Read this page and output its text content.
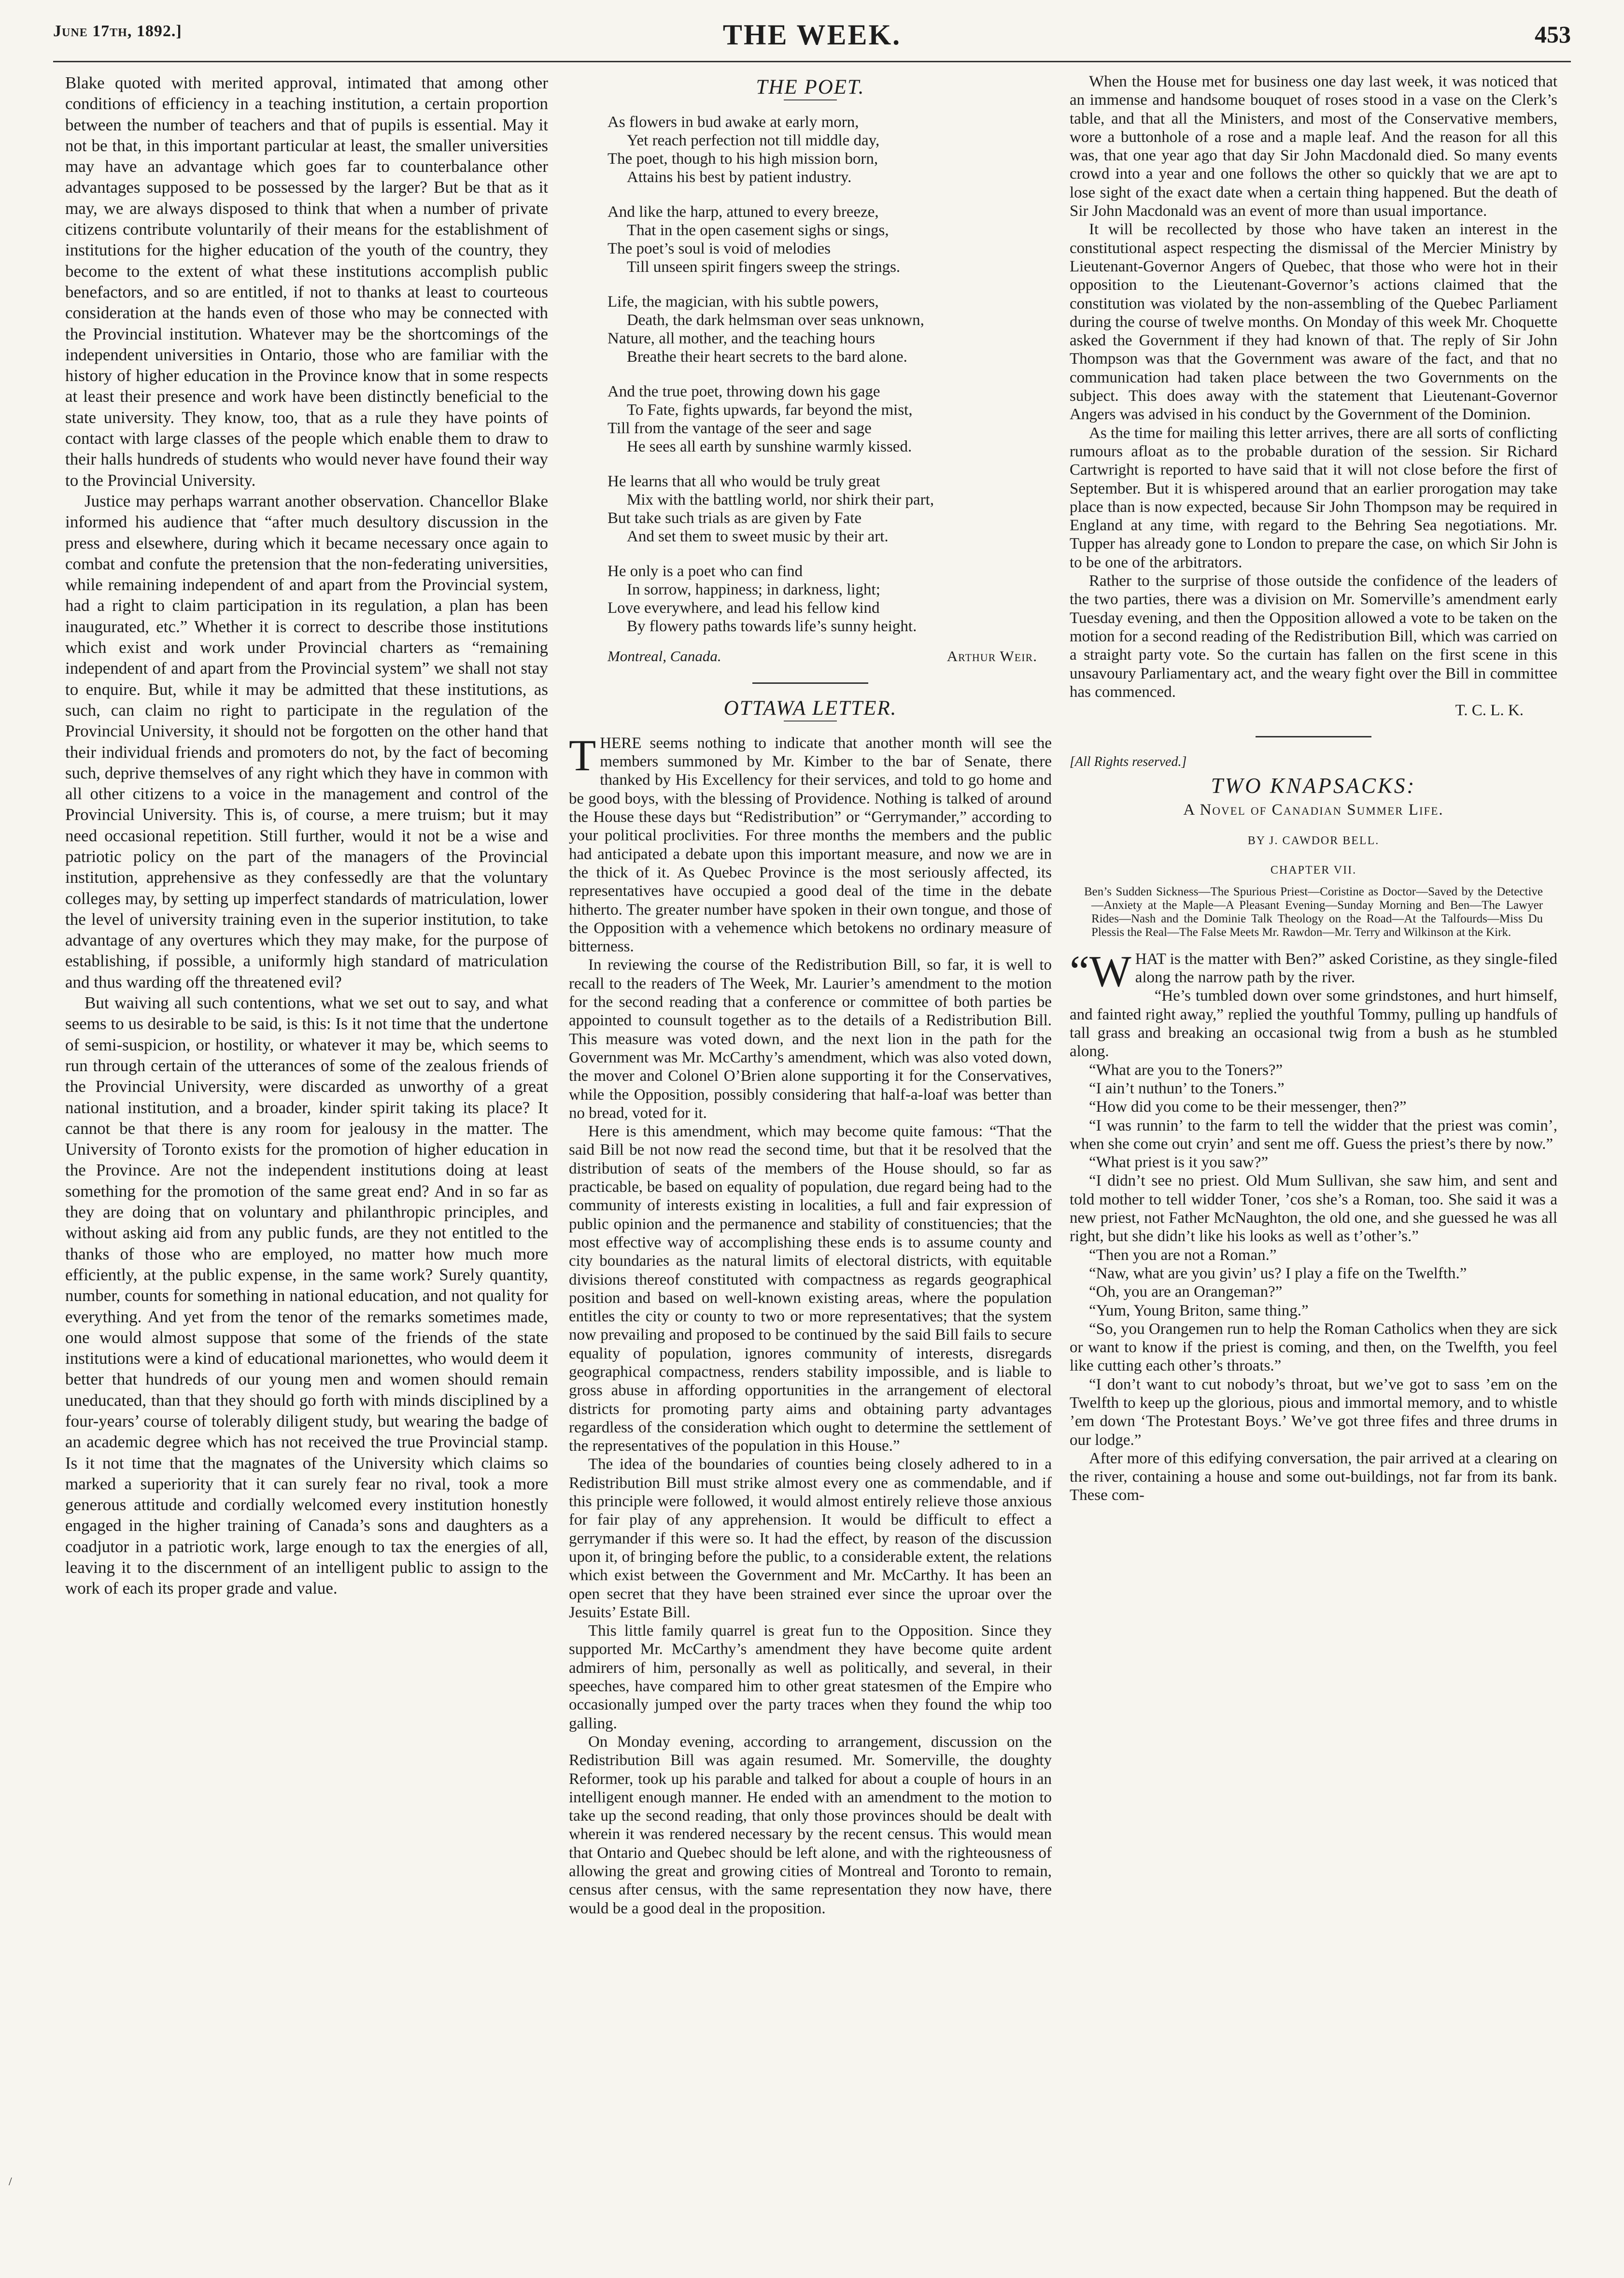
June 17th, 1892.]	THE WEEK.	453

Blake quoted with merited approval, intimated that among other conditions of efficiency in a teaching institution, a certain proportion between the number of teachers and that of pupils is essential. May it not be that, in this important particular at least, the smaller universities may have an advantage which goes far to counterbalance other advantages supposed to be possessed by the larger? But be that as it may, we are always disposed to think that when a number of private citizens contribute voluntarily of their means for the establishment of institutions for the higher education of the youth of the country, they become to the extent of what these institutions accomplish public benefactors, and so are entitled, if not to thanks at least to courteous consideration at the hands even of those who may be connected with the Provincial institution. Whatever may be the shortcomings of the independent universities in Ontario, those who are familiar with the history of higher education in the Province know that in some respects at least their presence and work have been distinctly beneficial to the state university. They know, too, that as a rule they have points of contact with large classes of the people which enable them to draw to their halls hundreds of students who would never have found their way to the Provincial University.

Justice may perhaps warrant another observation. Chancellor Blake informed his audience that “after much desultory discussion in the press and elsewhere, during which it became necessary once again to combat and confute the pretension that the non-federating universities, while remaining independent of and apart from the Provincial system, had a right to claim participation in its regulation, a plan has been inaugurated, etc.” Whether it is correct to describe those institutions which exist and work under Provincial charters as “remaining independent of and apart from the Provincial system” we shall not stay to enquire. But, while it may be admitted that these institutions, as such, can claim no right to participate in the regulation of the Provincial University, it should not be forgotten on the other hand that their individual friends and promoters do not, by the fact of becoming such, deprive themselves of any right which they have in common with all other citizens to a voice in the management and control of the Provincial University. This is, of course, a mere truism; but it may need occasional repetition. Still further, would it not be a wise and patriotic policy on the part of the managers of the Provincial institution, apprehensive as they confessedly are that the voluntary colleges may, by setting up imperfect standards of matriculation, lower the level of university training even in the superior institution, to take advantage of any overtures which they may make, for the purpose of establishing, if possible, a uniformly high standard of matriculation and thus warding off the threatened evil?

But waiving all such contentions, what we set out to say, and what seems to us desirable to be said, is this: Is it not time that the undertone of semi-suspicion, or hostility, or whatever it may be, which seems to run through certain of the utterances of some of the zealous friends of the Provincial University, were discarded as unworthy of a great national institution, and a broader, kinder spirit taking its place? It cannot be that there is any room for jealousy in the matter. The University of Toronto exists for the promotion of higher education in the Province. Are not the independent institutions doing at least something for the promotion of the same great end? And in so far as they are doing that on voluntary and philanthropic principles, and without asking aid from any public funds, are they not entitled to the thanks of those who are employed, no matter how much more efficiently, at the public expense, in the same work? Surely quantity, number, counts for something in national education, and not quality for everything. And yet from the tenor of the remarks sometimes made, one would almost suppose that some of the friends of the state institutions were a kind of educational marionettes, who would deem it better that hundreds of our young men and women should remain uneducated, than that they should go forth with minds disciplined by a four-years’ course of tolerably diligent study, but wearing the badge of an academic degree which has not received the true Provincial stamp. Is it not time that the magnates of the University which claims so marked a superiority that it can surely fear no rival, took a more generous attitude and cordially welcomed every institution honestly engaged in the higher training of Canada’s sons and daughters as a coadjutor in a patriotic work, large enough to tax the energies of all, leaving it to the discernment of an intelligent public to assign to the work of each its proper grade and value.

THE POET.
As flowers in bud awake at early morn,
Yet reach perfection not till middle day,
The poet, though to his high mission born,
Attains his best by patient industry.
And like the harp, attuned to every breeze,
That in the open casement sighs or sings,
The poet’s soul is void of melodies
Till unseen spirit fingers sweep the strings.
Life, the magician, with his subtle powers,
Death, the dark helmsman over seas unknown,
Nature, all mother, and the teaching hours
Breathe their heart secrets to the bard alone.
And the true poet, throwing down his gage
To Fate, fights upwards, far beyond the mist,
Till from the vantage of the seer and sage
He sees all earth by sunshine warmly kissed.
He learns that all who would be truly great
Mix with the battling world, nor shirk their part,
But take such trials as are given by Fate
And set them to sweet music by their art.
He only is a poet who can find
In sorrow, happiness; in darkness, light;
Love everywhere, and lead his fellow kind
By flowery paths towards life’s sunny height.
Montreal, Canada.	Arthur Weir.
OTTAWA LETTER.

THERE seems nothing to indicate that another month will see the members summoned by Mr. Kimber to the bar of Senate, there thanked by His Excellency for their services, and told to go home and be good boys, with the blessing of Providence. Nothing is talked of around the House these days but “Redistribution” or “Gerrymander,” according to your political proclivities. For three months the members and the public had anticipated a debate upon this important measure, and now we are in the thick of it. As Quebec Province is the most seriously affected, its representatives have occupied a good deal of the time in the debate hitherto. The greater number have spoken in their own tongue, and those of the Opposition with a vehemence which betokens no ordinary measure of bitterness.

In reviewing the course of the Redistribution Bill, so far, it is well to recall to the readers of The Week, Mr. Laurier’s amendment to the motion for the second reading that a conference or committee of both parties be appointed to counsult together as to the details of a Redistribution Bill. This measure was voted down, and the next lion in the path for the Government was Mr. McCarthy’s amendment, which was also voted down, the mover and Colonel O’Brien alone supporting it for the Conservatives, while the Opposition, possibly considering that half-a-loaf was better than no bread, voted for it.

Here is this amendment, which may become quite famous: “That the said Bill be not now read the second time, but that it be resolved that the distribution of seats of the members of the House should, so far as practicable, be based on equality of population, due regard being had to the community of interests existing in localities, a full and fair expression of public opinion and the permanence and stability of constituencies; that the most effective way of accomplishing these ends is to assume county and city boundaries as the natural limits of electoral districts, with equitable divisions thereof constituted with compactness as regards geographical position and based on well-known existing areas, where the population entitles the city or county to two or more representatives; that the system now prevailing and proposed to be continued by the said Bill fails to secure equality of population, ignores community of interests, disregards geographical compactness, renders stability impossible, and is liable to gross abuse in affording opportunities in the arrangement of electoral districts for promoting party aims and obtaining party advantages regardless of the consideration which ought to determine the settlement of the representatives of the population in this House.”

The idea of the boundaries of counties being closely adhered to in a Redistribution Bill must strike almost every one as commendable, and if this principle were followed, it would almost entirely relieve those anxious for fair play of any apprehension. It would be difficult to effect a gerrymander if this were so. It had the effect, by reason of the discussion upon it, of bringing before the public, to a considerable extent, the relations which exist between the Government and Mr. McCarthy. It has been an open secret that they have been strained ever since the uproar over the Jesuits’ Estate Bill.

This little family quarrel is great fun to the Opposition. Since they supported Mr. McCarthy’s amendment they have become quite ardent admirers of him, personally as well as politically, and several, in their speeches, have compared him to other great statesmen of the Empire who occasionally jumped over the party traces when they found the whip too galling.

On Monday evening, according to arrangement, discussion on the Redistribution Bill was again resumed. Mr. Somerville, the doughty Reformer, took up his parable and talked for about a couple of hours in an intelligent enough manner. He ended with an amendment to the motion to take up the second reading, that only those provinces should be dealt with wherein it was rendered necessary by the recent census. This would mean that Ontario and Quebec should be left alone, and with the righteousness of allowing the great and growing cities of Montreal and Toronto to remain, census after census, with the same representation they now have, there would be a good deal in the proposition.

When the House met for business one day last week, it was noticed that an immense and handsome bouquet of roses stood in a vase on the Clerk’s table, and that all the Ministers, and most of the Conservative members, wore a buttonhole of a rose and a maple leaf. And the reason for all this was, that one year ago that day Sir John Macdonald died. So many events crowd into a year and one follows the other so quickly that we are apt to lose sight of the exact date when a certain thing happened. But the death of Sir John Macdonald was an event of more than usual importance.

It will be recollected by those who have taken an interest in the constitutional aspect respecting the dismissal of the Mercier Ministry by Lieutenant-Governor Angers of Quebec, that those who were hot in their opposition to the Lieutenant-Governor’s actions claimed that the constitution was violated by the non-assembling of the Quebec Parliament during the course of twelve months. On Monday of this week Mr. Choquette asked the Government if they had known of that. The reply of Sir John Thompson was that the Government was aware of the fact, and that no communication had taken place between the two Governments on the subject. This does away with the statement that Lieutenant-Governor Angers was advised in his conduct by the Government of the Dominion.

As the time for mailing this letter arrives, there are all sorts of conflicting rumours afloat as to the probable duration of the session. Sir Richard Cartwright is reported to have said that it will not close before the first of September. But it is whispered around that an earlier prorogation may take place than is now expected, because Sir John Thompson may be required in England at any time, with regard to the Behring Sea negotiations. Mr. Tupper has already gone to London to prepare the case, on which Sir John is to be one of the arbitrators.

Rather to the surprise of those outside the confidence of the leaders of the two parties, there was a division on Mr. Somerville’s amendment early Tuesday evening, and then the Opposition allowed a vote to be taken on the motion for a second reading of the Redistribution Bill, which was carried on a straight party vote. So the curtain has fallen on the first scene in this unsavoury Parliamentary act, and the weary fight over the Bill in committee has commenced.

T. C. L. K.
[All Rights reserved.]
TWO KNAPSACKS:
A Novel of Canadian Summer Life.
BY J. CAWDOR BELL.
CHAPTER VII.
Ben’s Sudden Sickness—The Spurious Priest—Coristine as Doctor—Saved by the Detective—Anxiety at the Maple—A Pleasant Evening—Sunday Morning and Ben—The Lawyer Rides—Nash and the Dominie Talk Theology on the Road—At the Talfourds—Miss Du Plessis the Real—The False Meets Mr. Rawdon—Mr. Terry and Wilkinson at the Kirk.

“W HAT is the matter with Ben?” asked Coristine, as they single-filed along the narrow path by the river.

“He’s tumbled down over some grindstones, and hurt himself, and fainted right away,” replied the youthful Tommy, pulling up handfuls of tall grass and breaking an occasional twig from a bush as he stumbled along.

“What are you to the Toners?”

“I ain’t nuthun’ to the Toners.”

“How did you come to be their messenger, then?”

“I was runnin’ to the farm to tell the widder that the priest was comin’, when she come out cryin’ and sent me off. Guess the priest’s there by now.”

“What priest is it you saw?”

“I didn’t see no priest. Old Mum Sullivan, she saw him, and sent and told mother to tell widder Toner, ’cos she’s a Roman, too. She said it was a new priest, not Father McNaughton, the old one, and she guessed he was all right, but she didn’t like his looks as well as t’other’s.”

“Then you are not a Roman.”

“Naw, what are you givin’ us? I play a fife on the Twelfth.”

“Oh, you are an Orangeman?”

“Yum, Young Briton, same thing.”

“So, you Orangemen run to help the Roman Catholics when they are sick or want to know if the priest is coming, and then, on the Twelfth, you feel like cutting each other’s throats.”

“I don’t want to cut nobody’s throat, but we’ve got to sass ’em on the Twelfth to keep up the glorious, pious and immortal memory, and to whistle ’em down ‘The Protestant Boys.’ We’ve got three fifes and three drums in our lodge.”

After more of this edifying conversation, the pair arrived at a clearing on the river, containing a house and some out-buildings, not far from its bank. These com-

/
